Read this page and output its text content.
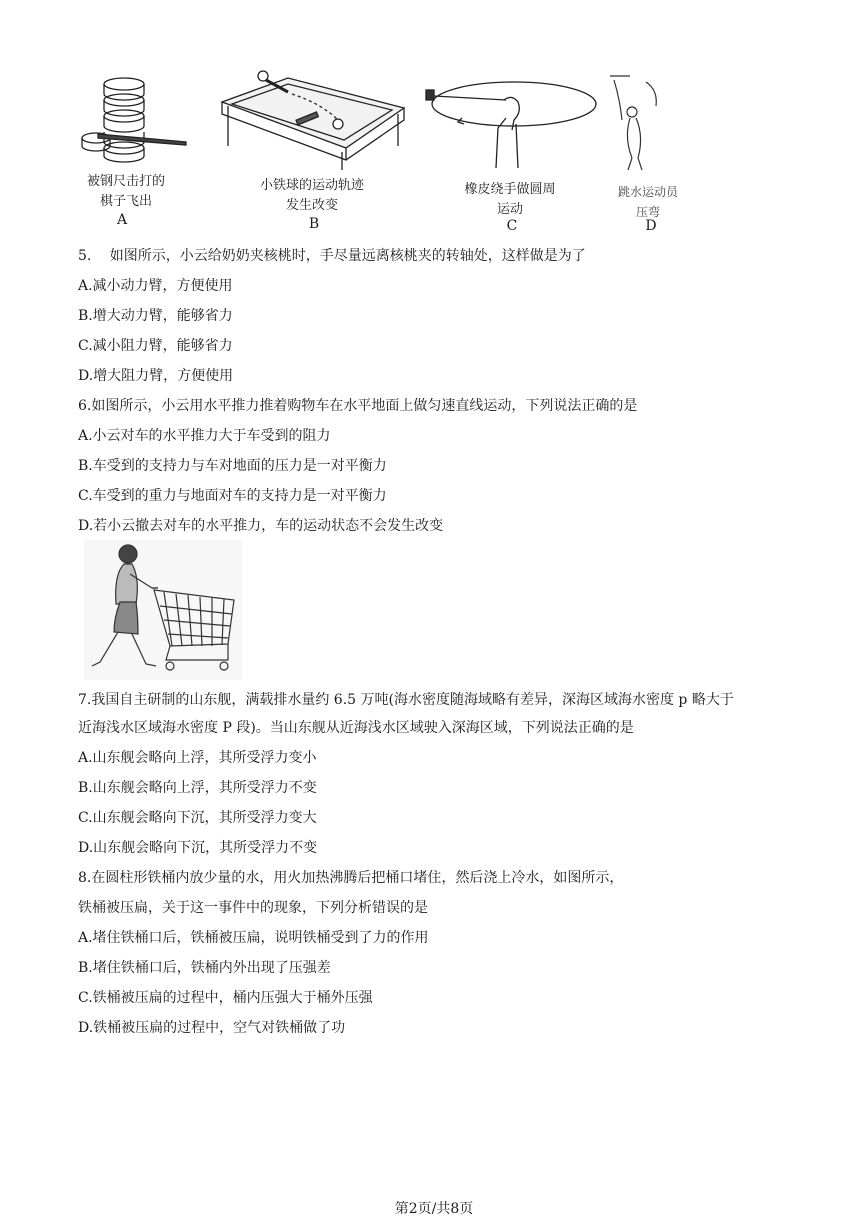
被钢尺击打的
棋子飞出
A
小铁球的运动轨迹
发生改变
B
橡皮绕手做圆周
运动
C
跳水运动员
压弯
D
5.　 如图所示，小云给奶奶夹核桃时，手尽量远离核桃夹的转轴处，这样做是为了
A.减小动力臂，方便使用
B.增大动力臂，能够省力
C.减小阻力臂，能够省力
D.增大阻力臂，方便使用
6.如图所示，小云用水平推力推着购物车在水平地面上做匀速直线运动，下列说法正确的是
A.小云对车的水平推力大于车受到的阻力
B.车受到的支持力与车对地面的压力是一对平衡力
C.车受到的重力与地面对车的支持力是一对平衡力
D.若小云撤去对车的水平推力，车的运动状态不会发生改变
7.我国自主研制的山东舰，满载排水量约 6.5 万吨(海水密度随海域略有差异，深海区域海水密度 p 略大于
近海浅水区域海水密度 P 段)。当山东舰从近海浅水区域驶入深海区域，下列说法正确的是
A.山东舰会略向上浮，其所受浮力变小
B.山东舰会略向上浮，其所受浮力不变
C.山东舰会略向下沉，其所受浮力变大
D.山东舰会略向下沉，其所受浮力不变
8.在圆柱形铁桶内放少量的水，用火加热沸腾后把桶口堵住，然后浇上冷水，如图所示，
铁桶被压扁，关于这一事件中的现象，下列分析错误的是
A.堵住铁桶口后，铁桶被压扁，说明铁桶受到了力的作用
B.堵住铁桶口后，铁桶内外出现了压强差
C.铁桶被压扁的过程中，桶内压强大于桶外压强
D.铁桶被压扁的过程中，空气对铁桶做了功
第2页/共8页
